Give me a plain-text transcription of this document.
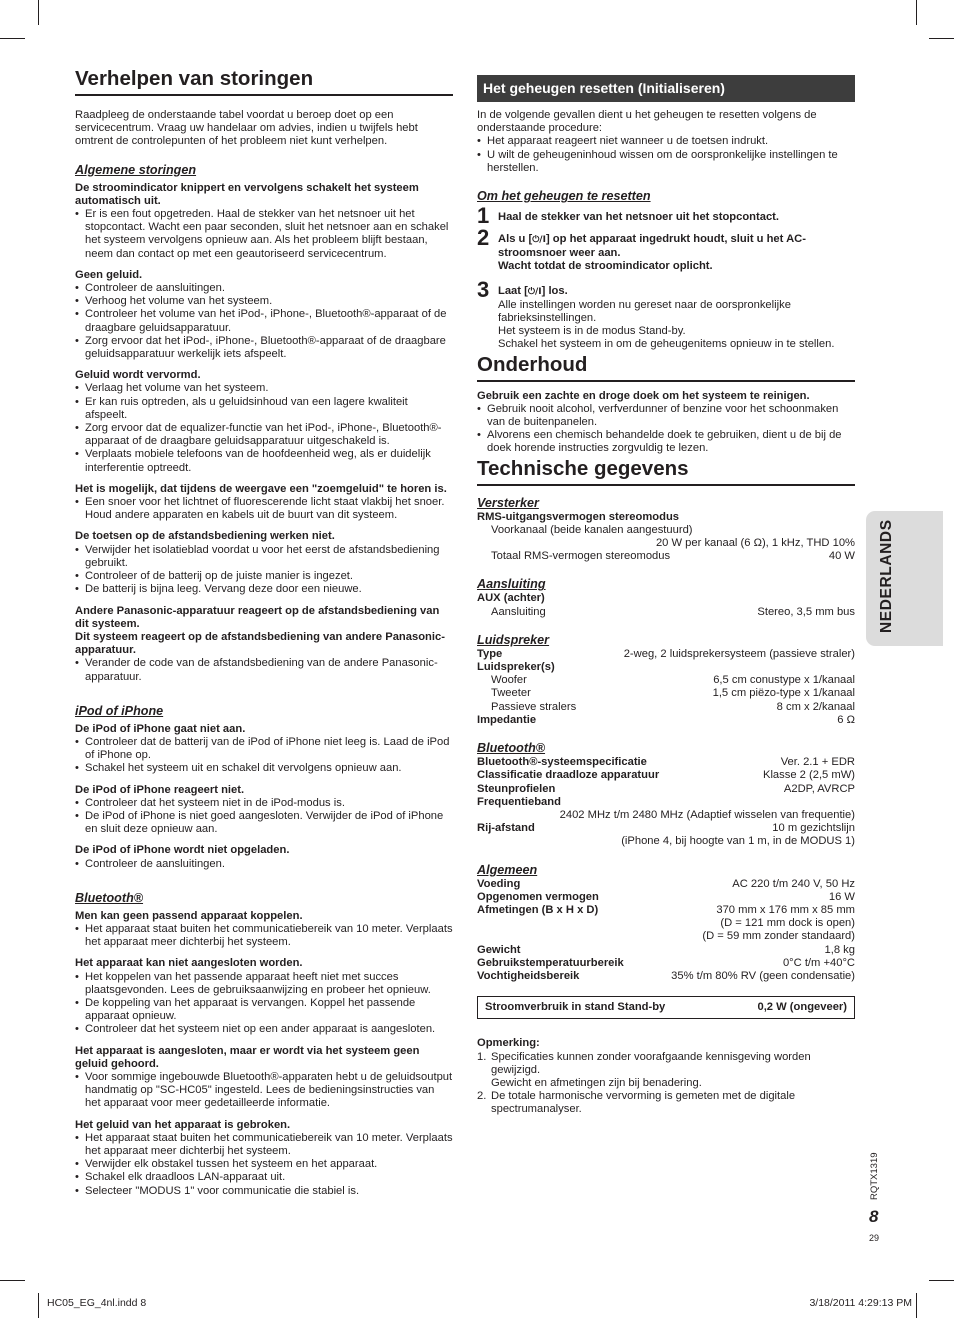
Verhelpen van storingen

Raadpleeg de onderstaande tabel voordat u beroep doet op een servicecentrum. Vraag uw handelaar om advies, indien u twijfels hebt omtrent de controlepunten of het probleem niet kunt verhelpen.

Algemene storingen

De stroomindicator knippert en vervolgens schakelt het systeem automatisch uit.

• Er is een fout opgetreden. Haal de stekker van het netsnoer uit het stopcontact. Wacht een paar seconden, sluit het netsnoer aan en schakel het systeem vervolgens opnieuw aan. Als het probleem blijft bestaan, neem dan contact op met een geautoriseerd servicecentrum.

Geen geluid.

• Controleer de aansluitingen.
• Verhoog het volume van het systeem.
• Controleer het volume van het iPod-, iPhone-, Bluetooth®-apparaat of de draagbare geluidsapparatuur.
• Zorg ervoor dat het iPod-, iPhone-, Bluetooth®-apparaat of de draagbare geluidsapparatuur werkelijk iets afspeelt.

Geluid wordt vervormd.

• Verlaag het volume van het systeem.
• Er kan ruis optreden, als u geluidsinhoud van een lagere kwaliteit afspeelt.
• Zorg ervoor dat de equalizer-functie van het iPod-, iPhone-, Bluetooth®-apparaat of de draagbare geluidsapparatuur uitgeschakeld is.
• Verplaats mobiele telefoons van de hoofdeenheid weg, als er duidelijk interferentie optreedt.

Het is mogelijk, dat tijdens de weergave een "zoemgeluid" te horen is.

• Een snoer voor het lichtnet of fluorescerende licht staat vlakbij het snoer. Houd andere apparaten en kabels uit de buurt van dit systeem.

De toetsen op de afstandsbediening werken niet.

• Verwijder het isolatieblad voordat u voor het eerst de afstandsbediening gebruikt.
• Controleer of de batterij op de juiste manier is ingezet.
• De batterij is bijna leeg. Vervang deze door een nieuwe.

Andere Panasonic-apparatuur reageert op de afstandsbediening van dit systeem.
Dit systeem reageert op de afstandsbediening van andere Panasonic-apparatuur.

• Verander de code van de afstandsbediening van de andere Panasonic-apparatuur.
iPod of iPhone

De iPod of iPhone gaat niet aan.

• Controleer dat de batterij van de iPod of iPhone niet leeg is. Laad de iPod of iPhone op.
• Schakel het systeem uit en schakel dit vervolgens opnieuw aan.

De iPod of iPhone reageert niet.

• Controleer dat het systeem niet in de iPod-modus is.
• De iPod of iPhone is niet goed aangesloten. Verwijder de iPod of iPhone en sluit deze opnieuw aan.

De iPod of iPhone wordt niet opgeladen.

• Controleer de aansluitingen.
Bluetooth®

Men kan geen passend apparaat koppelen.

• Het apparaat staat buiten het communicatiebereik van 10 meter. Verplaats het apparaat meer dichterbij het systeem.

Het apparaat kan niet aangesloten worden.

• Het koppelen van het passende apparaat heeft niet met succes plaatsgevonden. Lees de gebruiksaanwijzing en probeer het opnieuw.
• De koppeling van het apparaat is vervangen. Koppel het passende apparaat opnieuw.
• Controleer dat het systeem niet op een ander apparaat is aangesloten.

Het apparaat is aangesloten, maar er wordt via het systeem geen geluid gehoord.

• Voor sommige ingebouwde Bluetooth®-apparaten hebt u de geluidsoutput handmatig op "SC-HC05" ingesteld. Lees de bedieningsinstructies van het apparaat voor meer gedetailleerde informatie.

Het geluid van het apparaat is gebroken.

• Het apparaat staat buiten het communicatiebereik van 10 meter. Verplaats het apparaat meer dichterbij het systeem.
• Verwijder elk obstakel tussen het systeem en het apparaat.
• Schakel elk draadloos LAN-apparaat uit.
• Selecteer "MODUS 1" voor communicatie die stabiel is.
Het geheugen resetten (Initialiseren)

In de volgende gevallen dient u het geheugen te resetten volgens de onderstaande procedure:

• Het apparaat reageert niet wanneer u de toetsen indrukt.
• U wilt de geheugeninhoud wissen om de oorspronkelijke instellingen te herstellen.
Om het geheugen te resetten
1 Haal de stekker van het netsnoer uit het stopcontact.
2 Als u [⏻/I] op het apparaat ingedrukt houdt, sluit u het AC-stroomsnoer weer aan.
Wacht totdat de stroomindicator oplicht.
3 Laat [⏻/I] los.

Alle instellingen worden nu gereset naar de oorspronkelijke fabrieksinstellingen.

Het systeem is in de modus Stand-by.

Schakel het systeem in om de geheugenitems opnieuw in te stellen.

Onderhoud

Gebruik een zachte en droge doek om het systeem te reinigen.

• Gebruik nooit alcohol, verfverdunner of benzine voor het schoonmaken van de buitenpanelen.
• Alvorens een chemisch behandelde doek te gebruiken, dient u de bij de doek horende instructies zorgvuldig te lezen.
Technische gegevens
Versterker
RMS-uitgangsvermogen stereomodus
Voorkanaal (beide kanalen aangestuurd)
20 W per kanaal (6 Ω), 1 kHz, THD 10%
Totaal RMS-vermogen stereomodus	40 W
Aansluiting
AUX (achter)
Aansluiting	Stereo, 3,5 mm bus
Luidspreker
Type	2-weg, 2 luidsprekersysteem (passieve straler)
Luidspreker(s)
Woofer	6,5 cm conustype x 1/kanaal
Tweeter	1,5 cm piëzo-type x 1/kanaal
Passieve stralers	8 cm x 2/kanaal
Impedantie	6 Ω
Bluetooth®
Bluetooth®-systeemspecificatie	Ver. 2.1 + EDR
Classificatie draadloze apparatuur	Klasse 2 (2,5 mW)
Steunprofielen	A2DP, AVRCP
Frequentieband
2402 MHz t/m 2480 MHz (Adaptief wisselen van frequentie)
Rij-afstand	10 m gezichtslijn
(iPhone 4, bij hoogte van 1 m, in de MODUS 1)
Algemeen
Voeding	AC 220 t/m 240 V, 50 Hz
Opgenomen vermogen	16 W
Afmetingen (B x H x D)	370 mm x 176 mm x 85 mm
(D = 121 mm dock is open)
(D = 59 mm zonder standaard)
Gewicht	1,8 kg
Gebruikstemperatuurbereik	0°C t/m +40°C
Vochtigheidsbereik	35% t/m 80% RV (geen condensatie)
Stroomverbruik in stand Stand-by	0,2 W (ongeveer)
Opmerking:
1. Specificaties kunnen zonder voorafgaande kennisgeving worden gewijzigd.
Gewicht en afmetingen zijn bij benadering.
2. De totale harmonische vervorming is gemeten met de digitale spectrumanalyser.
NEDERLANDS
RQTX1319
8
29
HC05_EG_4nl.indd 8	3/18/2011 4:29:13 PM
